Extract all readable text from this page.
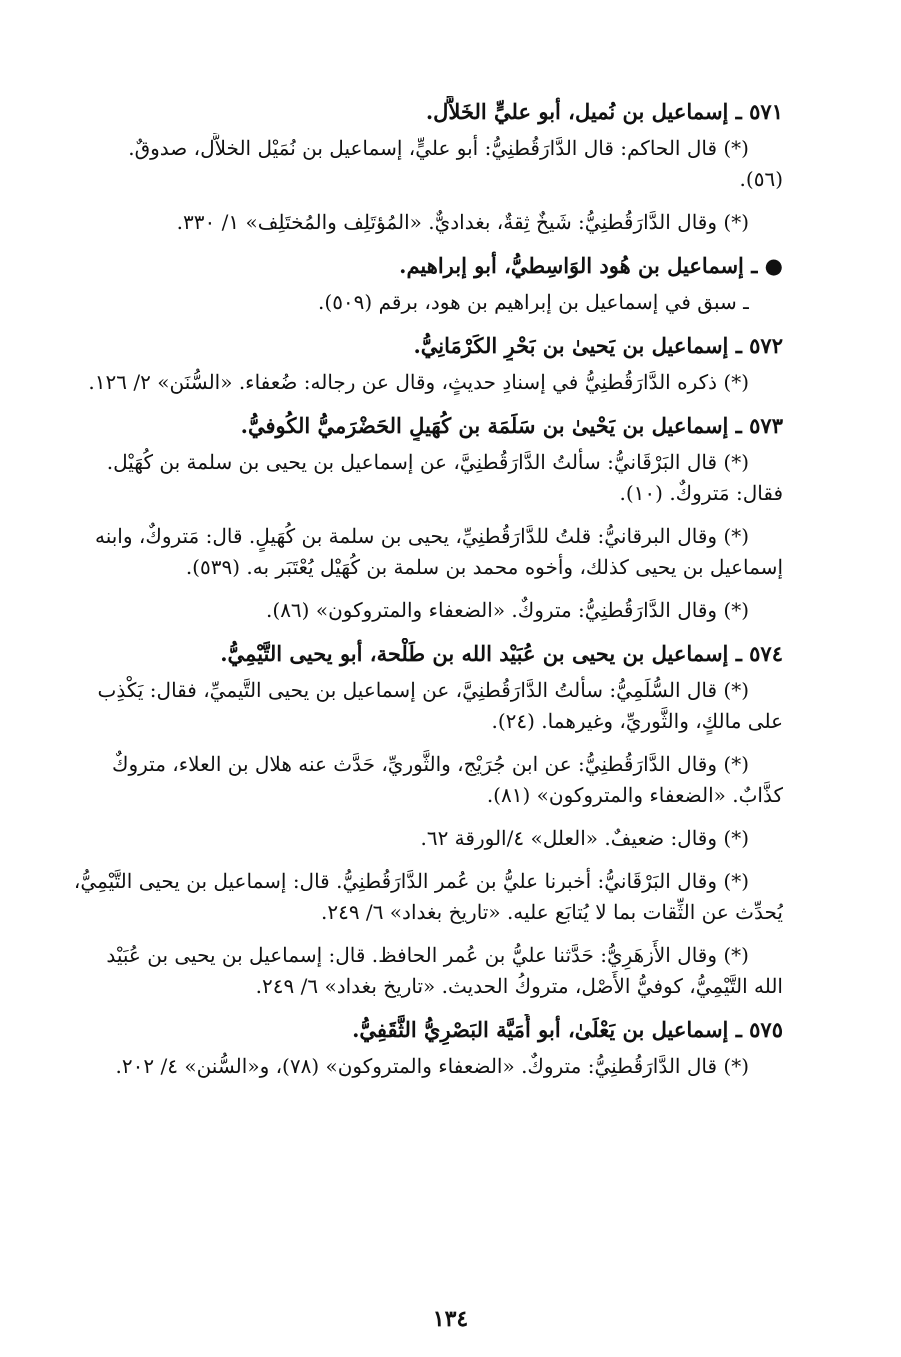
٥٧١ ـ إسماعيل بن نُميل، أبو عليٍّ الخَلاَّل.
(*) قال الحاكم: قال الدَّارَقُطنِيُّ: أبو عليٍّ، إسماعيل بن نُمَيْل الخلاَّل، صدوقٌ.
(٥٦).
(*) وقال الدَّارَقُطنِيُّ: شَيخٌ ثِقةٌ، بغداديٌّ. «المُؤتَلِف والمُختَلِف» ١/ ٣٣٠.
● ـ إسماعيل بن هُود الوَاسِطيُّ، أبو إبراهيم.
ـ سبق في إسماعيل بن إبراهيم بن هود، برقم (٥٠٩).
٥٧٢ ـ إسماعيل بن يَحيىٰ بن بَحْرٍ الكَرْمَانِيُّ.
(*) ذكره الدَّارَقُطنِيُّ في إسنادِ حديثٍ، وقال عن رجاله: ضُعفاء. «السُّنَن» ٢/ ١٢٦.
٥٧٣ ـ إسماعيل بن يَحْيىٰ بن سَلَمَة بن كُهَيلٍ الحَضْرَميُّ الكُوفيُّ.
(*) قال البَرْقَانيُّ: سألتُ الدَّارَقُطنِيَّ، عن إسماعيل بن يحيى بن سلمة بن كُهَيْل.
فقال: مَتروكٌ. (١٠).
(*) وقال البرقانيُّ: قلتُ للدَّارَقُطنِيِّ، يحيى بن سلمة بن كُهَيلٍ. قال: مَتروكٌ، وابنه
إسماعيل بن يحيى كذلك، وأخوه محمد بن سلمة بن كُهَيْل يُعْتَبَر به. (٥٣٩).
(*) وقال الدَّارَقُطنِيُّ: متروكٌ. «الضعفاء والمتروكون» (٨٦).
٥٧٤ ـ إسماعيل بن يحيى بن عُبَيْد الله بن طَلْحة، أبو يحيى التَّيْمِيُّ.
(*) قال السُّلَمِيُّ: سألتُ الدَّارَقُطنِيَّ، عن إسماعيل بن يحيى التَّيميِّ، فقال: يَكْذِب
على مالكٍ، والثَّوريِّ، وغيرهما. (٢٤).
(*) وقال الدَّارَقُطنِيُّ: عن ابن جُرَيْج، والثَّوريِّ، حَدَّث عنه هلال بن العلاء، متروكٌ
كذَّابٌ. «الضعفاء والمتروكون» (٨١).
(*) وقال: ضعيفٌ. «العلل» ٤/الورقة ٦٢.
(*) وقال البَرْقَانيُّ: أخبرنا عليُّ بن عُمر الدَّارَقُطنِيُّ. قال: إسماعيل بن يحيى التَّيْمِيُّ،
يُحدِّث عن الثِّقات بما لا يُتابَع عليه. «تاريخ بغداد» ٦/ ٢٤٩.
(*) وقال الأَزهَرِيُّ: حَدَّثنا عليُّ بن عُمر الحافظ. قال: إسماعيل بن يحيى بن عُبَيْد
الله التَّيْمِيُّ، كوفيُّ الأَصْل، متروكُ الحديث. «تاريخ بغداد» ٦/ ٢٤٩.
٥٧٥ ـ إسماعيل بن يَعْلَىٰ، أبو أُمَيَّة البَصْرِيُّ الثَّقَفِيُّ.
(*) قال الدَّارَقُطنِيُّ: متروكٌ. «الضعفاء والمتروكون» (٧٨)، و«السُّنن» ٤/ ٢٠٢.
١٣٤
